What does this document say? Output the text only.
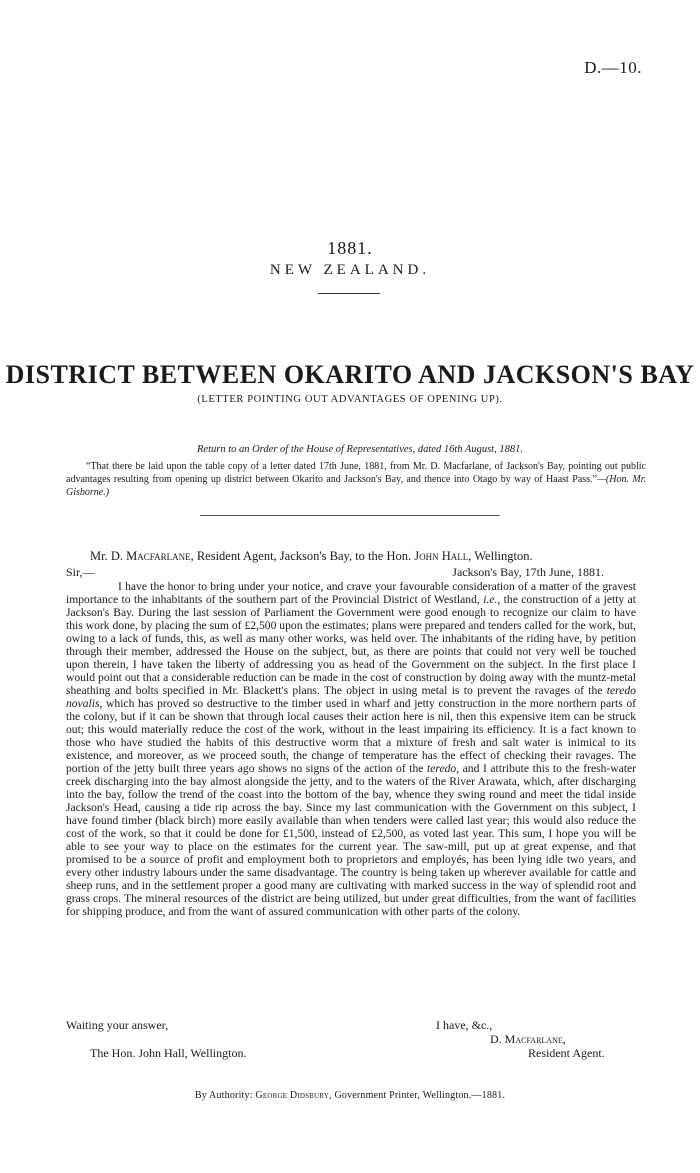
D.—10.
1881.
NEW ZEALAND.
DISTRICT BETWEEN OKARITO AND JACKSON'S BAY
(LETTER POINTING OUT ADVANTAGES OF OPENING UP).
Return to an Order of the House of Representatives, dated 16th August, 1881.
“That there be laid upon the table copy of a letter dated 17th June, 1881, from Mr. D. Macfarlane, of Jackson's Bay, pointing out public advantages resulting from opening up district between Okarito and Jackson's Bay, and thence into Otago by way of Haast Pass.”—(Hon. Mr. Gisborne.)
Mr. D. Macfarlane, Resident Agent, Jackson's Bay, to the Hon. John Hall, Wellington.
Sir,—	Jackson's Bay, 17th June, 1881.
I have the honor to bring under your notice, and crave your favourable consideration of a matter of the gravest importance to the inhabitants of the southern part of the Provincial District of Westland, i.e., the construction of a jetty at Jackson's Bay. During the last session of Parliament the Government were good enough to recognize our claim to have this work done, by placing the sum of £2,500 upon the estimates; plans were prepared and tenders called for the work, but, owing to a lack of funds, this, as well as many other works, was held over. The inhabitants of the riding have, by petition through their member, addressed the House on the subject, but, as there are points that could not very well be touched upon therein, I have taken the liberty of addressing you as head of the Government on the subject. In the first place I would point out that a considerable reduction can be made in the cost of construction by doing away with the muntz-metal sheathing and bolts specified in Mr. Blackett's plans. The object in using metal is to prevent the ravages of the teredo novalis, which has proved so destructive to the timber used in wharf and jetty construction in the more northern parts of the colony, but if it can be shown that through local causes their action here is nil, then this expensive item can be struck out; this would materially reduce the cost of the work, without in the least impairing its efficiency. It is a fact known to those who have studied the habits of this destructive worm that a mixture of fresh and salt water is inimical to its existence, and moreover, as we proceed south, the change of temperature has the effect of checking their ravages. The portion of the jetty built three years ago shows no signs of the action of the teredo, and I attribute this to the fresh-water creek discharging into the bay almost alongside the jetty, and to the waters of the River Arawata, which, after discharging into the bay, follow the trend of the coast into the bottom of the bay, whence they swing round and meet the tidal inside Jackson's Head, causing a tide rip across the bay. Since my last communication with the Government on this subject, I have found timber (black birch) more easily available than when tenders were called last year; this would also reduce the cost of the work, so that it could be done for £1,500, instead of £2,500, as voted last year. This sum, I hope you will be able to see your way to place on the estimates for the current year. The saw-mill, put up at great expense, and that promised to be a source of profit and employment both to proprietors and employés, has been lying idle two years, and every other industry labours under the same disadvantage. The country is being taken up wherever available for cattle and sheep runs, and in the settlement proper a good many are cultivating with marked success in the way of splendid root and grass crops. The mineral resources of the district are being utilized, but under great difficulties, from the want of facilities for shipping produce, and from the want of assured communication with other parts of the colony.
Waiting your answer,	I have, &c.,
D. Macfarlane,
The Hon. John Hall, Wellington.	Resident Agent.
By Authority: George Didsbury, Government Printer, Wellington.—1881.
